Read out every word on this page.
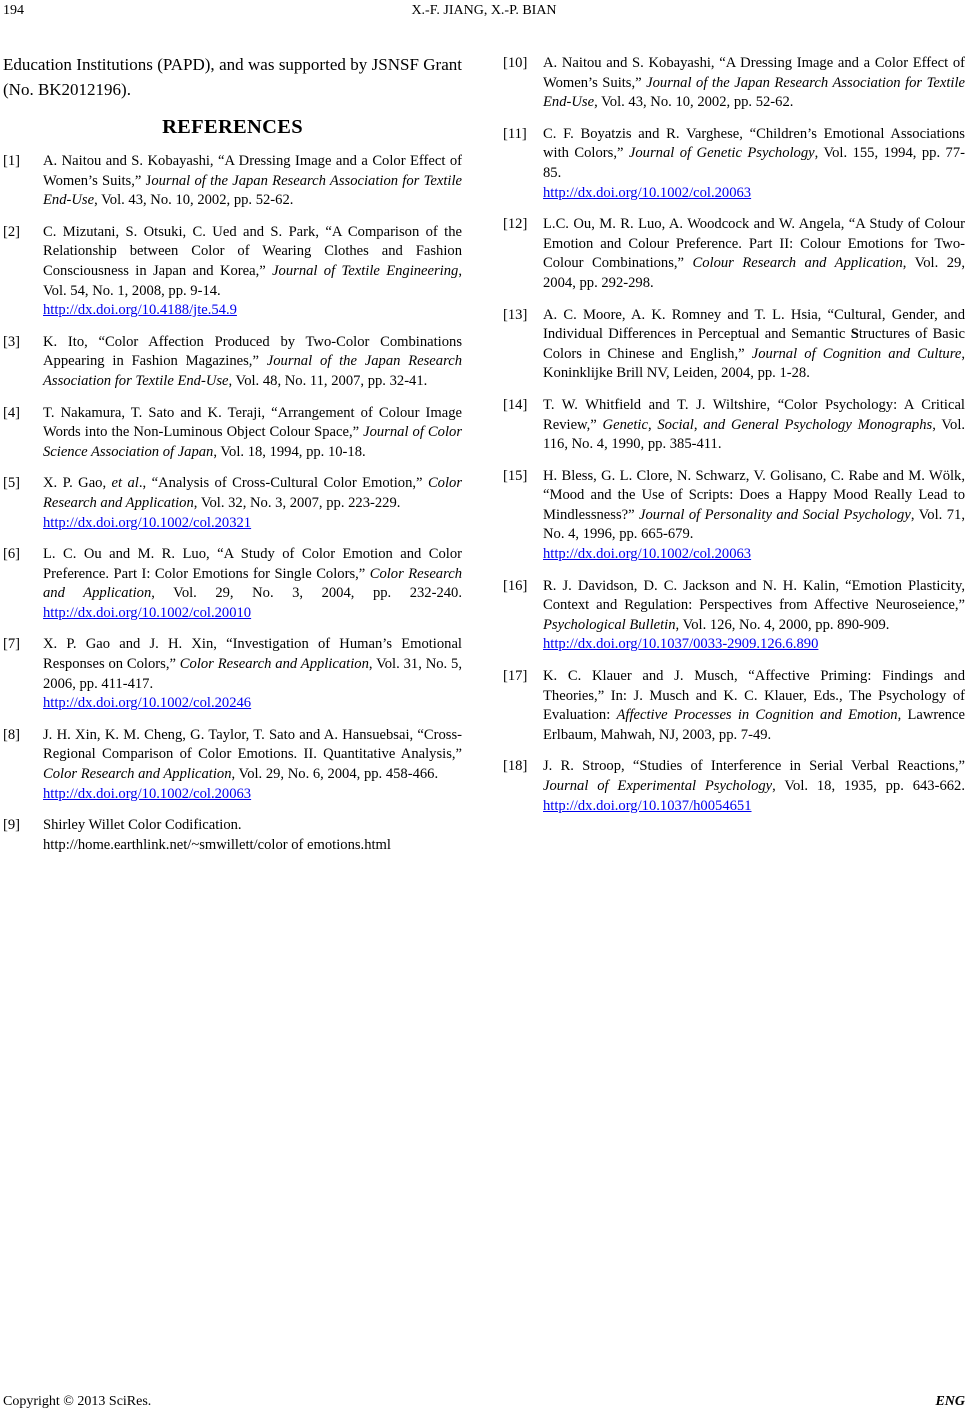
194	X.-F. JIANG, X.-P. BIAN

Education Institutions (PAPD), and was supported by JSNSF Grant (No. BK2012196).

REFERENCES
[1]	A. Naitou and S. Kobayashi, “A Dressing Image and a Color Effect of Women’s Suits,” Journal of the Japan Research Association for Textile End-Use, Vol. 43, No. 10, 2002, pp. 52-62.
[2]	C. Mizutani, S. Otsuki, C. Ued and S. Park, “A Comparison of the Relationship between Color of Wearing Clothes and Fashion Consciousness in Japan and Korea,” Journal of Textile Engineering, Vol. 54, No. 1, 2008, pp. 9-14.
http://dx.doi.org/10.4188/jte.54.9
[3]	K. Ito, “Color Affection Produced by Two-Color Combinations Appearing in Fashion Magazines,” Journal of the Japan Research Association for Textile End-Use, Vol. 48, No. 11, 2007, pp. 32-41.
[4]	T. Nakamura, T. Sato and K. Teraji, “Arrangement of Colour Image Words into the Non-Luminous Object Colour Space,” Journal of Color Science Association of Japan, Vol. 18, 1994, pp. 10-18.
[5]	X. P. Gao, et al., “Analysis of Cross-Cultural Color Emotion,” Color Research and Application, Vol. 32, No. 3, 2007, pp. 223-229.
http://dx.doi.org/10.1002/col.20321
[6]	L. C. Ou and M. R. Luo, “A Study of Color Emotion and Color Preference. Part I: Color Emotions for Single Colors,” Color Research and Application, Vol. 29, No. 3, 2004, pp. 232-240. http://dx.doi.org/10.1002/col.20010
[7]	X. P. Gao and J. H. Xin, “Investigation of Human’s Emotional Responses on Colors,” Color Research and Application, Vol. 31, No. 5, 2006, pp. 411-417.
http://dx.doi.org/10.1002/col.20246
[8]	J. H. Xin, K. M. Cheng, G. Taylor, T. Sato and A. Hansuebsai, “Cross-Regional Comparison of Color Emotions. II. Quantitative Analysis,” Color Research and Application, Vol. 29, No. 6, 2004, pp. 458-466.
http://dx.doi.org/10.1002/col.20063
[9]	Shirley Willet Color Codification.
http://home.earthlink.net/~smwillett/color of emotions.html
[10]	A. Naitou and S. Kobayashi, “A Dressing Image and a Color Effect of Women’s Suits,” Journal of the Japan Research Association for Textile End-Use, Vol. 43, No. 10, 2002, pp. 52-62.
[11]	C. F. Boyatzis and R. Varghese, “Children’s Emotional Associations with Colors,” Journal of Genetic Psychology, Vol. 155, 1994, pp. 77-85.
http://dx.doi.org/10.1002/col.20063
[12]	L.C. Ou, M. R. Luo, A. Woodcock and W. Angela, “A Study of Colour Emotion and Colour Preference. Part II: Colour Emotions for Two-Colour Combinations,” Colour Research and Application, Vol. 29, 2004, pp. 292-298.
[13]	A. C. Moore, A. K. Romney and T. L. Hsia, “Cultural, Gender, and Individual Differences in Perceptual and Semantic Structures of Basic Colors in Chinese and English,” Journal of Cognition and Culture, Koninklijke Brill NV, Leiden, 2004, pp. 1-28.
[14]	T. W. Whitfield and T. J. Wiltshire, “Color Psychology: A Critical Review,” Genetic, Social, and General Psychology Monographs, Vol. 116, No. 4, 1990, pp. 385-411.
[15]	H. Bless, G. L. Clore, N. Schwarz, V. Golisano, C. Rabe and M. Wölk, “Mood and the Use of Scripts: Does a Happy Mood Really Lead to Mindlessness?” Journal of Personality and Social Psychology, Vol. 71, No. 4, 1996, pp. 665-679.
http://dx.doi.org/10.1002/col.20063
[16]	R. J. Davidson, D. C. Jackson and N. H. Kalin, “Emotion Plasticity, Context and Regulation: Perspectives from Affective Neuroseience,” Psychological Bulletin, Vol. 126, No. 4, 2000, pp. 890-909.
http://dx.doi.org/10.1037/0033-2909.126.6.890
[17]	K. C. Klauer and J. Musch, “Affective Priming: Findings and Theories,” In: J. Musch and K. C. Klauer, Eds., The Psychology of Evaluation: Affective Processes in Cognition and Emotion, Lawrence Erlbaum, Mahwah, NJ, 2003, pp. 7-49.
[18]	J. R. Stroop, “Studies of Interference in Serial Verbal Reactions,” Journal of Experimental Psychology, Vol. 18, 1935, pp. 643-662. http://dx.doi.org/10.1037/h0054651
Copyright © 2013 SciRes.	ENG
